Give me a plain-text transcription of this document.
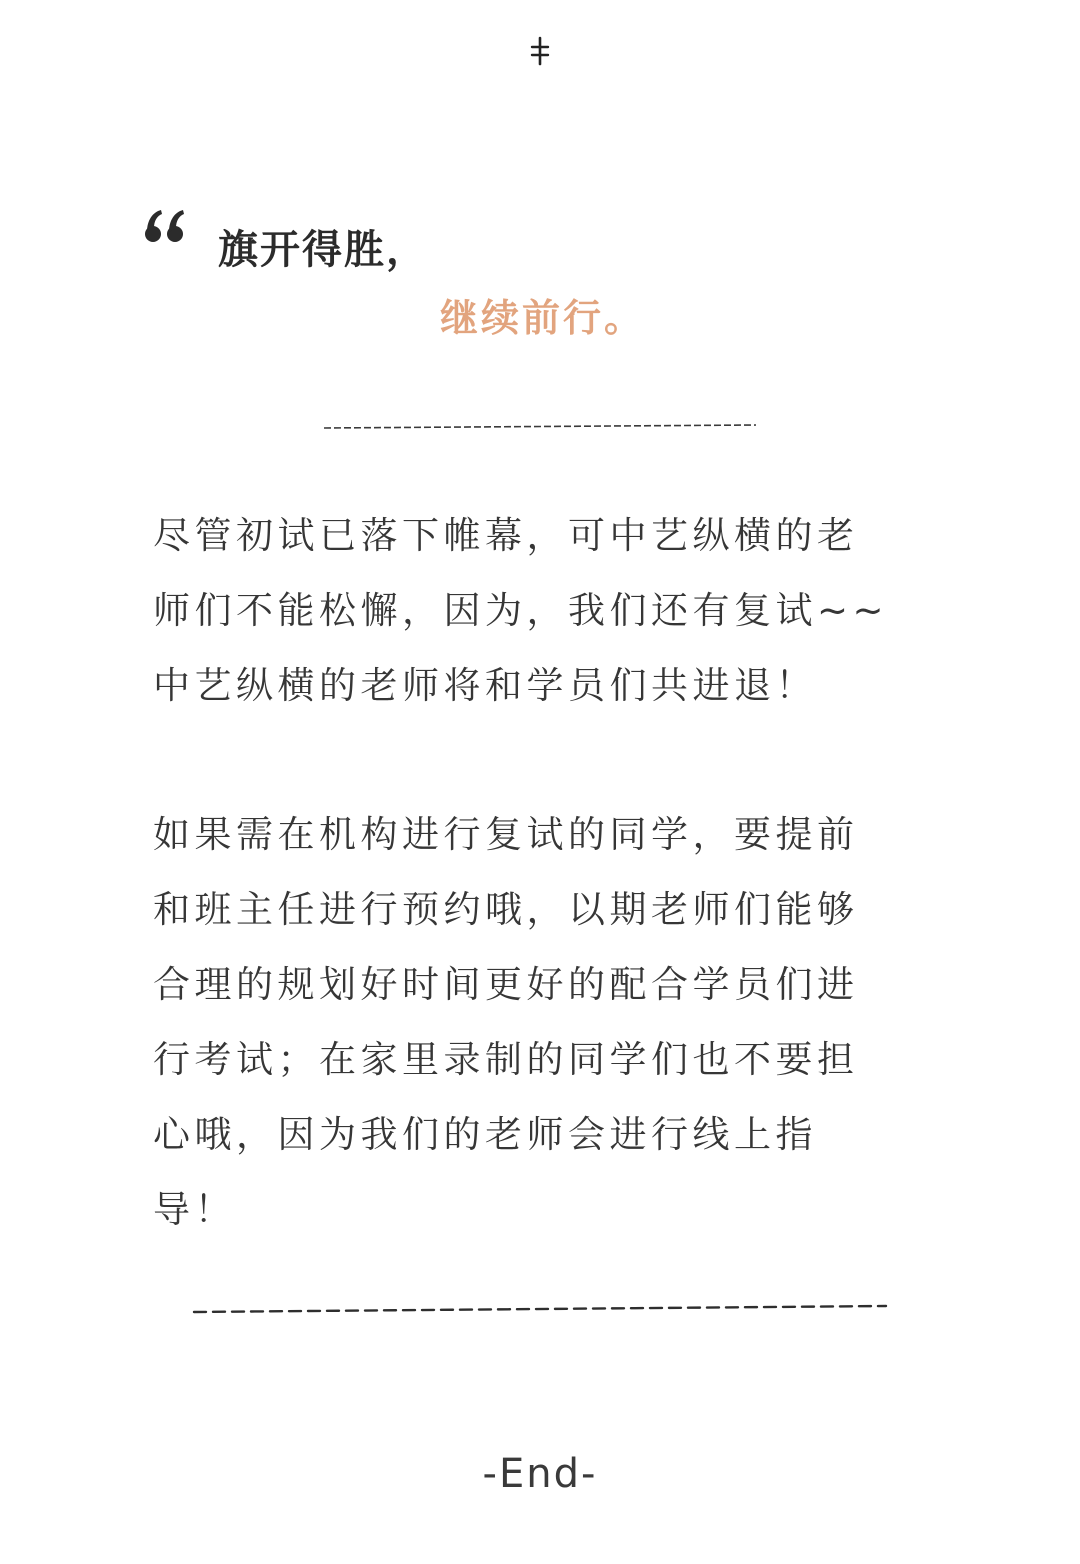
旗开得胜，
继续前行。
尽管初试已落下帷幕，可中艺纵横的老
师们不能松懈，因为，我们还有复试~~
中艺纵横的老师将和学员们共进退！
如果需在机构进行复试的同学，要提前
和班主任进行预约哦，以期老师们能够
合理的规划好时间更好的配合学员们进
行考试；在家里录制的同学们也不要担
心哦，因为我们的老师会进行线上指
导！
-End-
